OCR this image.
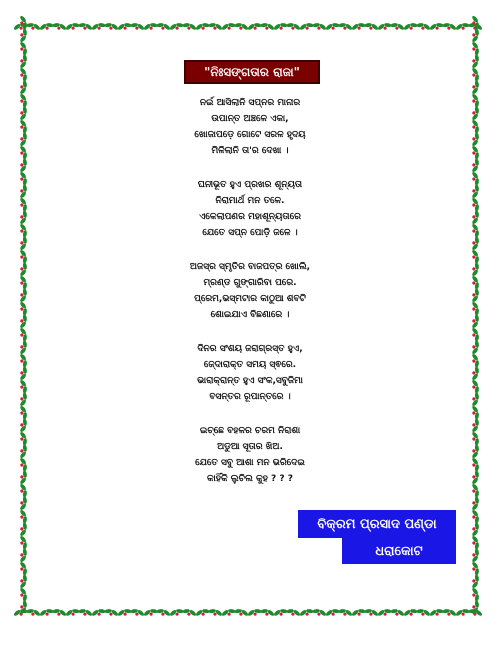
"ନିଃସଙ୍ଗତାର ରାଜା"
ନର୍ଇ ଆସିଲାନି ସପ୍ନର ମାନାର
ଉପାନ୍ତ ଅଞ୍ଚଳେ ଏକା,
ଖୋଜାପଡ଼େ ଗୋଟେ ସରଳ ହୃଦୟ
ମିଳିଲାନି ତା'ର ଦେଖା ।
ଘନୀଭୂତ ହୁଏ ପ୍ରଖର ଶୂନ୍ୟତା
ନିରାମାର୍ଥ ମନ ତଳେ.
ଏକେଲାପଣର ମହାଶୂନ୍ୟତାରେ
ଯେତେ ସପ୍ନ ପୋଡ଼ି ଜଳେ ।
ଅଜସ୍ର ସ୍ମୃତିର ବାଜପତ୍ର ଖୋଲି,
ମ୍ରଣ୍ଡ ଗୁଙ୍ଗାରିବା ପରେ.
ପ୍ରେମ,ଭସ୍ମଟାର କାଠୁଆ ଶବଟି
ଶୋଇଯାଏ ବିଛଣାରେ ।
ଦିନର ସଂଶୟ ଜରାଗ୍ରସ୍ତ ହୁଏ,
ଜେ୍ଦାରାକ୍ତ ସମୟ ସ୍ଵରେ.
ଭାରାକ୍ରାନ୍ତ ହୁଏ ସଂକ,ସବୁଜିମା
ବସନ୍ତର ରୂପାନ୍ତରେ ।
ଇଚ୍ଛେ ବହଳର ଚରମ ନିରାଶା
ଅଡୁଆ ସୂତାର ଖିଅ.
ଯେତେ ସବୁ ଆଶା ମନ ଭରିଦେଇ
କାହିଁକି ଲୁଚିଲ କୁହ ? ? ?
ବିକ୍ରମ ପ୍ରସାଦ ପଣ୍ଡା
ଧରାକୋଟ
